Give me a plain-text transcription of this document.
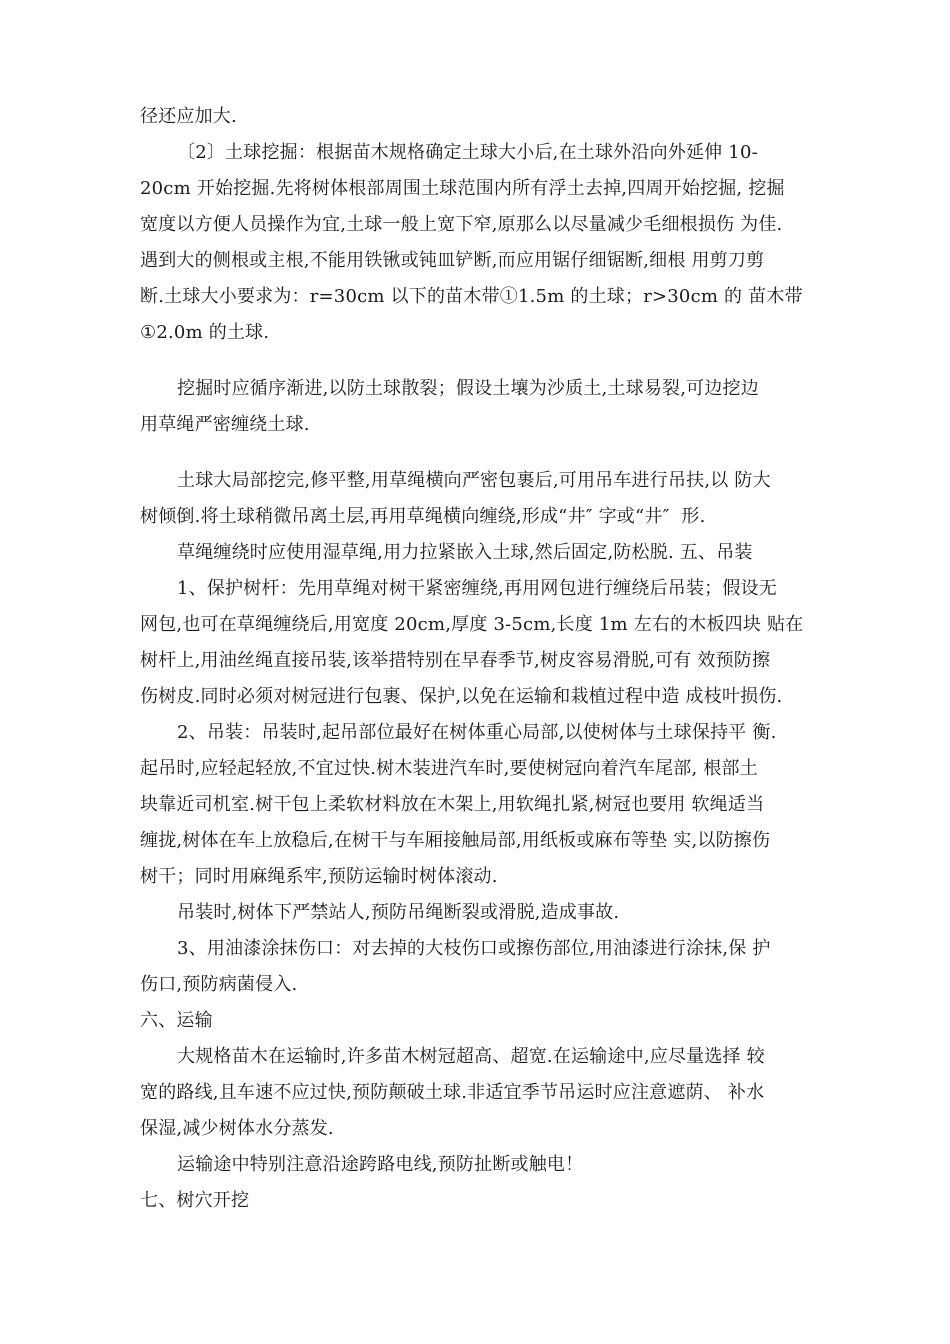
径还应加大.
〔2〕土球挖掘：根据苗木规格确定土球大小后,在土球外沿向外延伸 10-
20cm 开始挖掘.先将树体根部周围土球范围内所有浮土去掉,四周开始挖掘, 挖掘
宽度以方便人员操作为宜,土球一般上宽下窄,原那么以尽量减少毛细根损伤 为佳.
遇到大的侧根或主根,不能用铁锹或钝皿铲断,而应用锯仔细锯断,细根 用剪刀剪
断.土球大小要求为：r=30cm 以下的苗木带①1.5m 的土球；r>30cm 的 苗木带
①2.0m 的土球.
挖掘时应循序渐进,以防土球散裂；假设土壤为沙质土,土球易裂,可边挖边
用草绳严密缠绕土球.
土球大局部挖完,修平整,用草绳横向严密包裹后,可用吊车进行吊扶,以 防大
树倾倒.将土球稍微吊离土层,再用草绳横向缠绕,形成“井″ 字或“井″  形.
草绳缠绕时应使用湿草绳,用力拉紧嵌入土球,然后固定,防松脱. 五、吊装
1、保护树杆：先用草绳对树干紧密缠绕,再用网包进行缠绕后吊装；假设无
网包,也可在草绳缠绕后,用宽度 20cm,厚度 3-5cm,长度 1m 左右的木板四块 贴在
树杆上,用油丝绳直接吊装,该举措特别在早春季节,树皮容易滑脱,可有 效预防擦
伤树皮.同时必须对树冠进行包裹、保护,以免在运输和栽植过程中造 成枝叶损伤.
2、吊装：吊装时,起吊部位最好在树体重心局部,以使树体与土球保持平 衡.
起吊时,应轻起轻放,不宜过快.树木装进汽车时,要使树冠向着汽车尾部, 根部土
块靠近司机室.树干包上柔软材料放在木架上,用软绳扎紧,树冠也要用 软绳适当
缠拢,树体在车上放稳后,在树干与车厢接触局部,用纸板或麻布等垫 实,以防擦伤
树干；同时用麻绳系牢,预防运输时树体滚动.
吊装时,树体下严禁站人,预防吊绳断裂或滑脱,造成事故.
3、用油漆涂抹伤口：对去掉的大枝伤口或擦伤部位,用油漆进行涂抹,保 护
伤口,预防病菌侵入.
六、运输
大规格苗木在运输时,许多苗木树冠超高、超宽.在运输途中,应尽量选择 较
宽的路线,且车速不应过快,预防颠破土球.非适宜季节吊运时应注意遮荫、 补水
保湿,减少树体水分蒸发.
运输途中特别注意沿途跨路电线,预防扯断或触电！
七、树穴开挖
